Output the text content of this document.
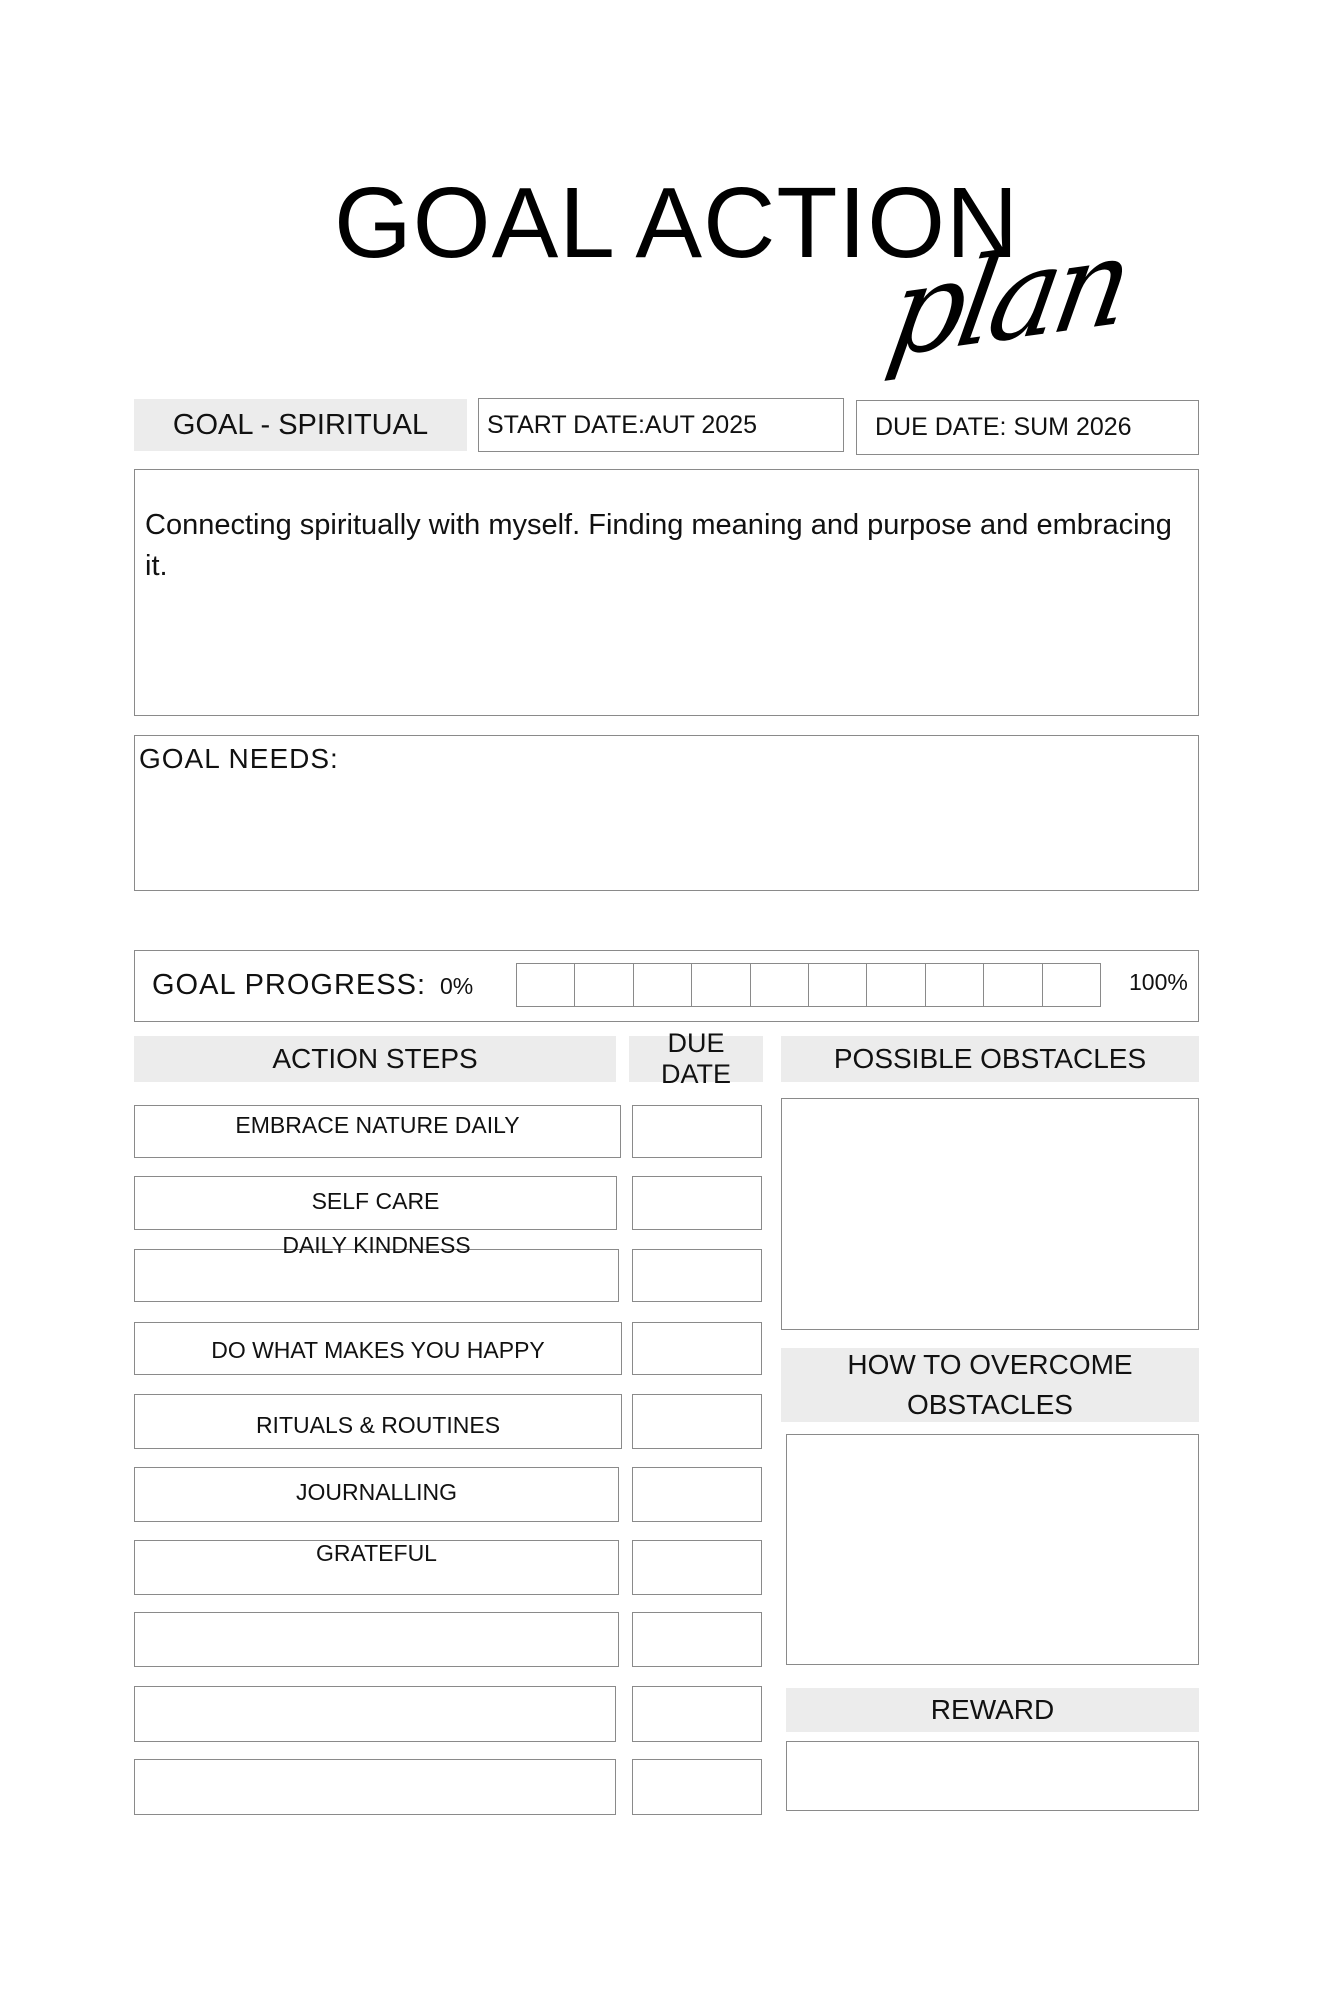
GOAL ACTION
plan
GOAL - SPIRITUAL START DATE:AUT 2025	DUE DATE: SUM 2026
Connecting spiritually with myself. Finding meaning and purpose and embracing it.
GOAL NEEDS:
GOAL PROGRESS: 0%	100%
ACTION STEPS	DUE DATE	POSSIBLE OBSTACLES
EMBRACE NATURE DAILY
SELF CARE
DAILY KINDNESS
DO WHAT MAKES YOU HAPPY
RITUALS & ROUTINES
JOURNALLING
GRATEFUL
HOW TO OVERCOME OBSTACLES
REWARD
